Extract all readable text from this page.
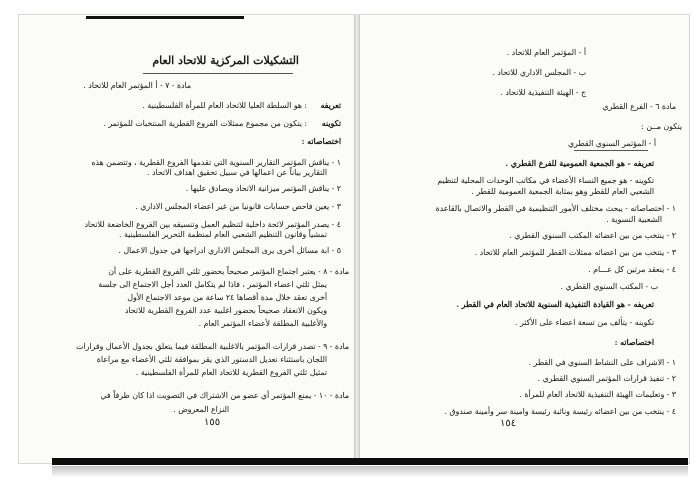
التشكيلات المركزية للاتحاد العام
مادة - ٧ - أ المؤتمر العام للاتحاد .
تعريفه
: هو السلطة العليا للاتحاد العام للمرأة الفلسطينية .
تكوينه
: يتكون من مجموع ممثلات الفروع القطرية المنتخبات للمؤتمر .
اختصاصاته :
١ - يناقش المؤتمر التقارير السنوية التي تقدمها الفروع القطرية ، وتتضمن هذه
التقارير بياناً عن اعمالها في سبيل تحقيق اهداف الاتحاد .
٢ - يناقش المؤتمر ميزانية الاتحاد ويصادق عليها .
٣ - يعين فاحص حسابات قانونيا من غير اعضاء المجلس الاداري .
٤ - يصدر المؤتمر لائحة داخلية لتنظيم العمل وتنسيقه بين الفروع الخاضعة للاتحاد
تمشياً وقانون التنظيم الشعبي العام لمنظمة التحرير الفلسطينية .
٥ - ابة مسائل أخرى يرى المجلس الاداري ادراجها في جدول الاعمال .
مادة - ٨ - يعتبر اجتماع المؤتمر صحيحاً بحضور ثلثي الفروع القطرية على أن
يمثل ثلثي اعضاء المؤتمر ، فاذا لم يتكامل العدد أجل الاجتماع الى جلسة
أخرى تعقد خلال مدة أقصاها ٢٤ ساعة من موعد الاجتماع الأول
ويكون الانعقاد صحيحاً بحضور اغلبية عدد الفروع القطرية للاتحاد
والأغلبية المطلقة لأعضاء المؤتمر العام .
مادة - ٩ - تصدر قرارات المؤتمر بالاغلبية المطلقة فيما يتعلق بجدول الأعمال وقرارات
اللجان باستثناء تعديل الدستور الذي يقر بموافقة ثلثي الأعضاء مع مراعاة
تمثيل ثلثي الفروع القطرية للاتحاد العام للمرأة الفلسطينية .
مادة - ١٠ - يمنع المؤتمر أي عضو من الاشتراك في التصويت اذا كان طرفاً في
النزاع المعروض .
١٥٥
أ - المؤتمر العام للاتحاد .
ب - المجلس الاداري للاتحاد .
ج - الهيئة التنفيذية للاتحاد .
مادة ٦ - الفرع القطري
يتكون مــن :
أ - المؤتمر السنوي القطري
تعريفه - هو الجمعية العمومية للفرع القطري .
تكوينه - هو جميع النساء الأعضاء في مكاتب الوحدات المحلية لتنظيم
الشعبي العام للقطر وهو بمثابة الجمعية العمومية للقطر .
١ - اختصاصاته - يبحث مختلف الأمور التنظيمية في القطر والاتصال بالقاعدة
الشعبية النسوية .
٢ - ينتخب من بين اعضائه المكتب السنوي القطري .
٣ - ينتخب من بين اعضائه ممثلات القطر للمؤتمر العام للاتحاد .
٤ - ينعقد مرتين كل عـــام .
ب - المكتب السنوي القطري .
تعريفه - هو القيادة التنفيذية السنوية للاتحاد العام في القطر .
تكوينه - يتألف من تسعة اعضاء على الأكثر .
اختصاصاته :
١ - الاشراف على النشاط السنوي في القطر .
٢ - تنفيذ قرارات المؤتمر السنوي القطري .
٣ - وتعليمات الهيئة التنفيذية للاتحاد العام للمرأة .
٤ - ينتخب من بين اعضائه رئيسة ونائبة رئيسة وامينة سر وأمينة صندوق .
١٥٤
